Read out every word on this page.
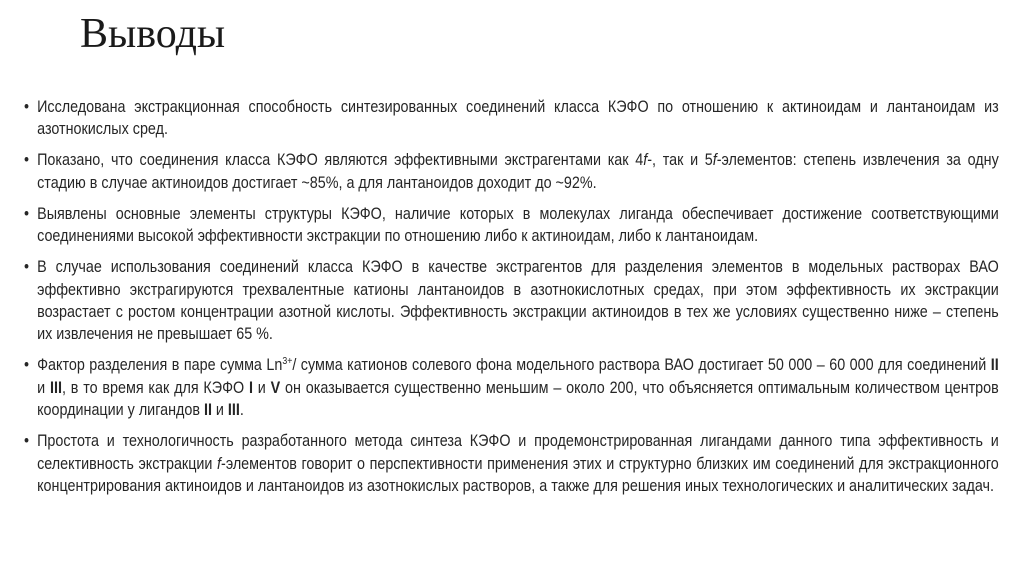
Выводы

• Исследована экстракционная способность синтезированных соединений класса КЭФО по отношению к актиноидам и лантаноидам из азотнокислых сред.

• Показано, что соединения класса КЭФО являются эффективными экстрагентами как 4f-, так и 5f-элементов: степень извлечения за одну стадию в случае актиноидов достигает ~85%, а для лантаноидов доходит до ~92%.

• Выявлены основные элементы структуры КЭФО, наличие которых в молекулах лиганда обеспечивает достижение соответствующими соединениями высокой эффективности экстракции по отношению либо к актиноидам, либо к лантаноидам.

• В случае использования соединений класса КЭФО в качестве экстрагентов для разделения элементов в модельных растворах ВАО эффективно экстрагируются трехвалентные катионы лантаноидов в азотнокислотных средах, при этом эффективность их экстракции возрастает с ростом концентрации азотной кислоты. Эффективность экстракции актиноидов в тех же условиях существенно ниже – степень их извлечения не превышает 65 %.

• Фактор разделения в паре сумма $Ln^{3+}/$ сумма катионов солевого фона модельного раствора ВАО достигает 50 000 – 60 000 для соединений II и III, в то время как для КЭФО I и V он оказывается существенно меньшим – около 200, что объясняется оптимальным количеством центров координации у лигандов II и III.

• Простота и технологичность разработанного метода синтеза КЭФО и продемонстрированная лигандами данного типа эффективность и селективность экстракции f-элементов говорит о перспективности применения этих и структурно близких им соединений для экстракционного концентрирования актиноидов и лантаноидов из азотнокислых растворов, а также для решения иных технологических и аналитических задач.
